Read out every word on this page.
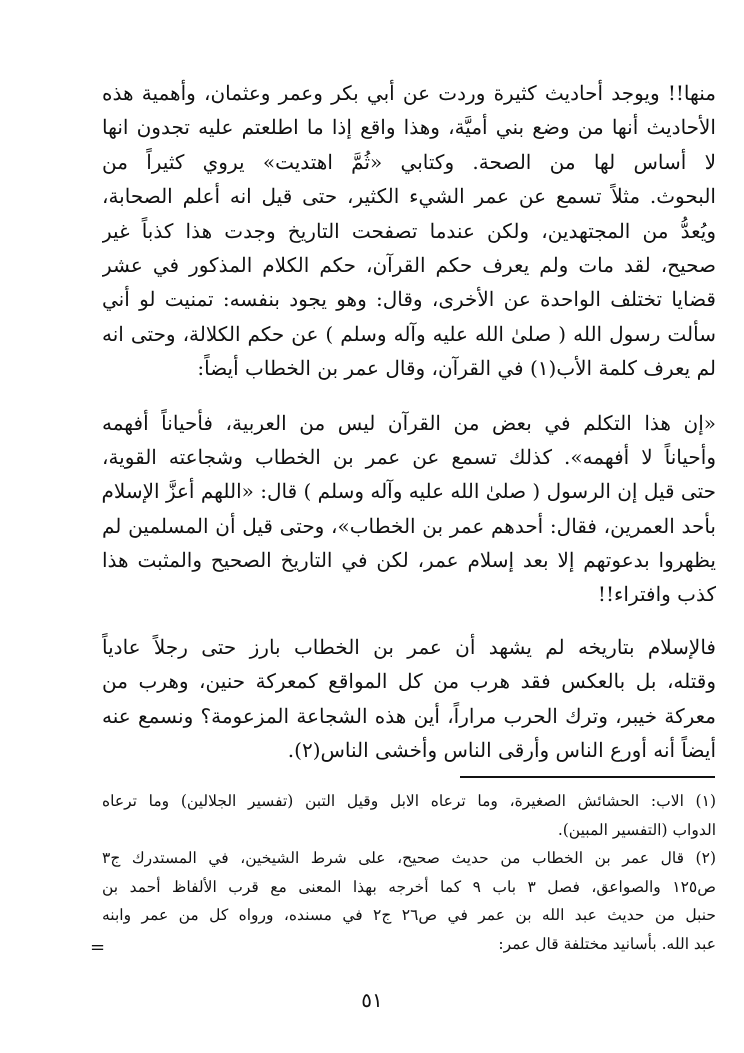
منها!! ويوجد أحاديث كثيرة وردت عن أبي بكر وعمر وعثمان، وأهمية هذه
الأحاديث أنها من وضع بني أميَّة، وهذا واقع إذا ما اطلعتم عليه تجدون انها
لا أساس لها من الصحة. وكتابي «ثُمَّ اهتديت» يروي كثيراً من
البحوث. مثلاً تسمع عن عمر الشيء الكثير، حتى قيل انه أعلم الصحابة،
ويُعدُّ من المجتهدين، ولكن عندما تصفحت التاريخ وجدت هذا كذباً غير
صحيح، لقد مات ولم يعرف حكم القرآن، حكم الكلام المذكور في عشر
قضايا تختلف الواحدة عن الأخرى، وقال: وهو يجود بنفسه: تمنيت لو أني
سألت رسول الله ( صلىٰ الله عليه وآله وسلم ) عن حكم الكلالة، وحتى انه
لم يعرف كلمة الأب(١) في القرآن، وقال عمر بن الخطاب أيضاً:
«إن هذا التكلم في بعض من القرآن ليس من العربية، فأحياناً أفهمه
وأحياناً لا أفهمه». كذلك تسمع عن عمر بن الخطاب وشجاعته القوية،
حتى قيل إن الرسول ( صلىٰ الله عليه وآله وسلم ) قال: «اللهم أعزَّ الإسلام
بأحد العمرين، فقال: أحدهم عمر بن الخطاب»، وحتى قيل أن المسلمين لم
يظهروا بدعوتهم إلا بعد إسلام عمر، لكن في التاريخ الصحيح والمثبت هذا
كذب وافتراء!!
فالإسلام بتاريخه لم يشهد أن عمر بن الخطاب بارز حتى رجلاً عادياً
وقتله، بل بالعكس فقد هرب من كل المواقع كمعركة حنين، وهرب من
معركة خيبر، وترك الحرب مراراً، أين هذه الشجاعة المزعومة؟ ونسمع عنه
أيضاً أنه أورع الناس وأرقى الناس وأخشى الناس(٢).
(١) الاب: الحشائش الصغيرة، وما ترعاه الابل وقيل التبن (تفسير الجلالين) وما ترعاه
الدواب (التفسير المبين).
(٢) قال عمر بن الخطاب من حديث صحيح، على شرط الشيخين، في المستدرك ج٣
ص١٢٥ والصواعق، فصل ٣ باب ٩ كما أخرجه بهذا المعنى مع قرب الألفاظ أحمد بن
حنبل من حديث عبد الله بن عمر في ص٢٦ ج٢ في مسنده، ورواه كل من عمر وابنه
عبد الله. بأسانيد مختلفة قال عمر:
=
٥١
